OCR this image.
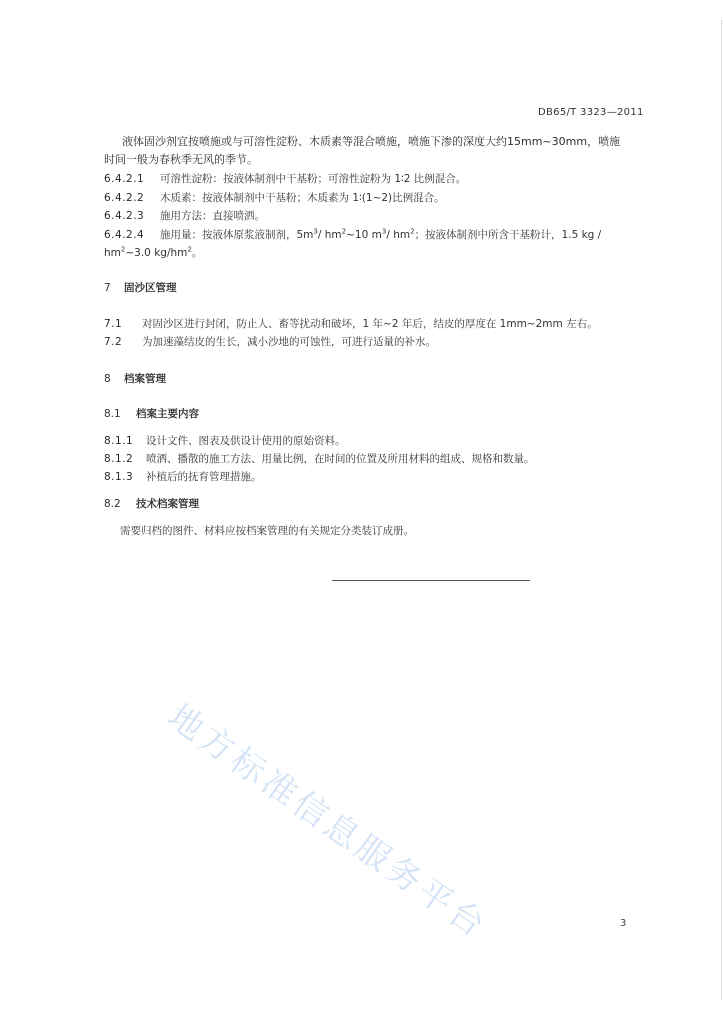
DB65/T 3323—2011
液体固沙剂宜按喷施或与可溶性淀粉、木质素等混合喷施，喷施下渗的深度大约15mm~30mm，喷施
时间一般为春秋季无风的季节。
6.4.2.1 可溶性淀粉：按液体制剂中干基粉；可溶性淀粉为 1∶2 比例混合。
6.4.2.2 木质素：按液体制剂中干基粉；木质素为 1∶(1~2)比例混合。
6.4.2.3 施用方法：直接喷洒。
6.4.2.4 施用量：按液体原浆液制剂，$5m^3/$ $hm^2\sim 10$ $m^3/$ $hm^2$；按液体制剂中所含干基粉计，1.5 kg /
$hm^2\sim 3.0$ $kg/hm^2$。
7 固沙区管理
7.1 对固沙区进行封闭，防止人、畜等扰动和破坏，1 年~2 年后，结皮的厚度在 1mm~2mm 左右。
7.2 为加速藻结皮的生长，减小沙地的可蚀性，可进行适量的补水。
8 档案管理
8.1 档案主要内容
8.1.1 设计文件、图表及供设计使用的原始资料。
8.1.2 喷洒、播散的施工方法、用量比例，在时间的位置及所用材料的组成、规格和数量。
8.1.3 补植后的抚育管理措施。
8.2 技术档案管理
需要归档的图件、材料应按档案管理的有关规定分类装订成册。
地方标准信息服务平台	3
